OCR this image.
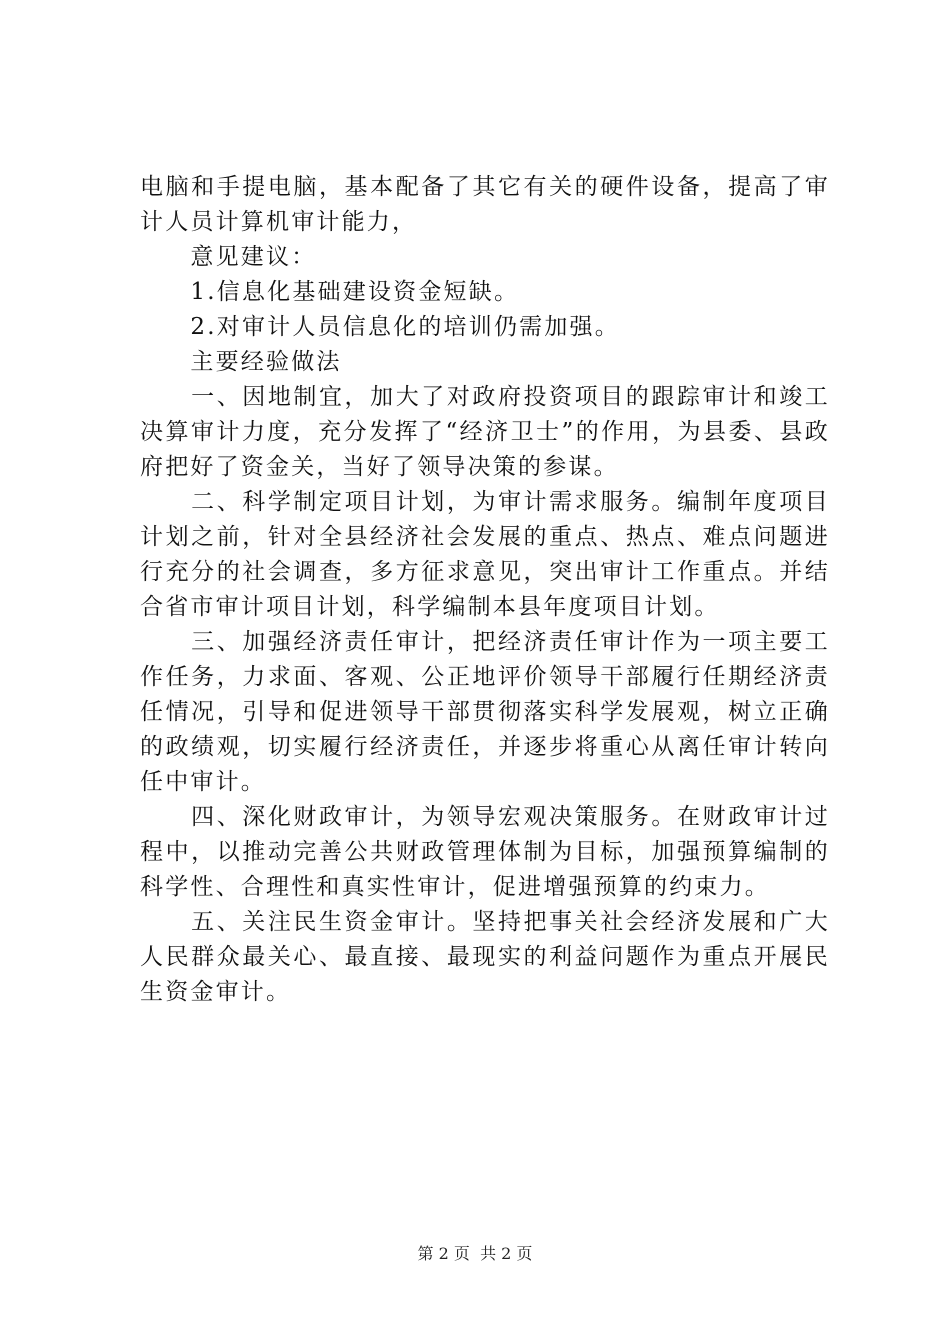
电脑和手提电脑，基本配备了其它有关的硬件设备，提高了审计人员计算机审计能力，

　　意见建议：

　　1.信息化基础建设资金短缺。

　　2.对审计人员信息化的培训仍需加强。

　　主要经验做法

　　一、因地制宜，加大了对政府投资项目的跟踪审计和竣工决算审计力度，充分发挥了“经济卫士”的作用，为县委、县政府把好了资金关，当好了领导决策的参谋。

　　二、科学制定项目计划，为审计需求服务。编制年度项目计划之前，针对全县经济社会发展的重点、热点、难点问题进行充分的社会调查，多方征求意见，突出审计工作重点。并结合省市审计项目计划，科学编制本县年度项目计划。

　　三、加强经济责任审计，把经济责任审计作为一项主要工作任务，力求面、客观、公正地评价领导干部履行任期经济责任情况，引导和促进领导干部贯彻落实科学发展观，树立正确的政绩观，切实履行经济责任，并逐步将重心从离任审计转向任中审计。

　　四、深化财政审计，为领导宏观决策服务。在财政审计过程中，以推动完善公共财政管理体制为目标，加强预算编制的科学性、合理性和真实性审计，促进增强预算的约束力。

　　五、关注民生资金审计。坚持把事关社会经济发展和广大人民群众最关心、最直接、最现实的利益问题作为重点开展民生资金审计。

第 2 页  共 2 页
